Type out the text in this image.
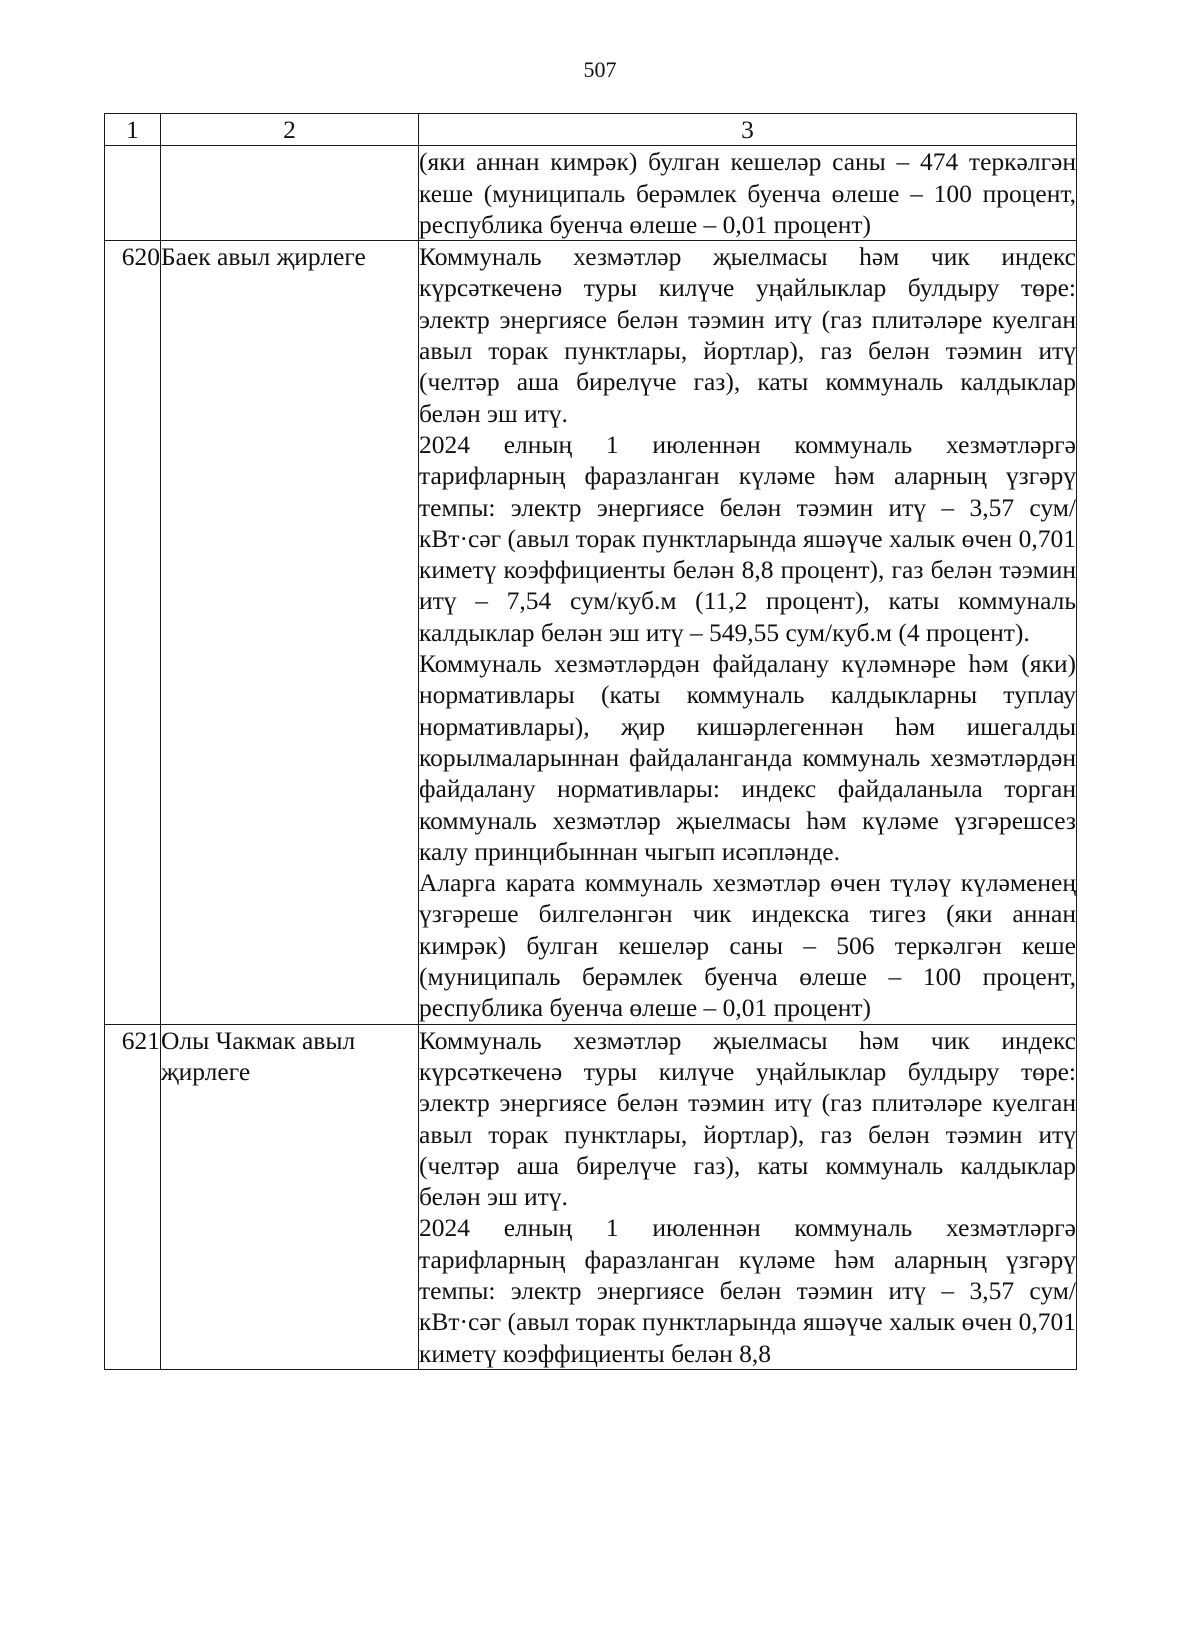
507
1	2	3

		(яки аннан кимрәк) булган кешеләр саны – 474 теркәлгән кеше (муниципаль берәмлек буенча өлеше – 100 процент, республика буенча өлеше – 0,01 процент)

620	Баек авыл җирлеге	Коммуналь хезмәтләр җыелмасы һәм чик индекс күрсәткеченә туры килүче уңайлыклар булдыру төре: электр энергиясе белән тәэмин итү (газ плитәләре куелган авыл торак пунктлары, йортлар), газ белән тәэмин итү (челтәр аша бирелүче газ), каты коммуналь калдыклар белән эш итү.

2024 елның 1 июленнән коммуналь хезмәтләргә тарифларның фаразланган күләме һәм аларның үзгәрү темпы: электр энергиясе белән тәэмин итү – 3,57 сум/кВт·сәг (авыл торак пунктларында яшәүче халык өчен 0,701 киметү коэффициенты белән 8,8 процент), газ белән тәэмин итү – 7,54 сум/куб.м (11,2 процент), каты коммуналь калдыклар белән эш итү – 549,55 сум/куб.м (4 процент).

Коммуналь хезмәтләрдән файдалану күләмнәре һәм (яки) нормативлары (каты коммуналь калдыкларны туплау нормативлары), җир кишәрлегеннән һәм ишегалды корылмаларыннан файдаланганда коммуналь хезмәтләрдән файдалану нормативлары: индекс файдаланыла торган коммуналь хезмәтләр җыелмасы һәм күләме үзгәрешсез калу принцибыннан чыгып исәпләнде.

Аларга карата коммуналь хезмәтләр өчен түләү күләменең үзгәреше билгеләнгән чик индекска тигез (яки аннан кимрәк) булган кешеләр саны – 506 теркәлгән кеше (муниципаль берәмлек буенча өлеше – 100 процент, республика буенча өлеше – 0,01 процент)

621	Олы Чакмак авыл җирлеге	Коммуналь хезмәтләр җыелмасы һәм чик индекс күрсәткеченә туры килүче уңайлыклар булдыру төре: электр энергиясе белән тәэмин итү (газ плитәләре куелган авыл торак пунктлары, йортлар), газ белән тәэмин итү (челтәр аша бирелүче газ), каты коммуналь калдыклар белән эш итү.

2024 елның 1 июленнән коммуналь хезмәтләргә тарифларның фаразланган күләме һәм аларның үзгәрү темпы: электр энергиясе белән тәэмин итү – 3,57 сум/кВт·сәг (авыл торак пунктларында яшәүче халык өчен 0,701 киметү коэффициенты белән 8,8
